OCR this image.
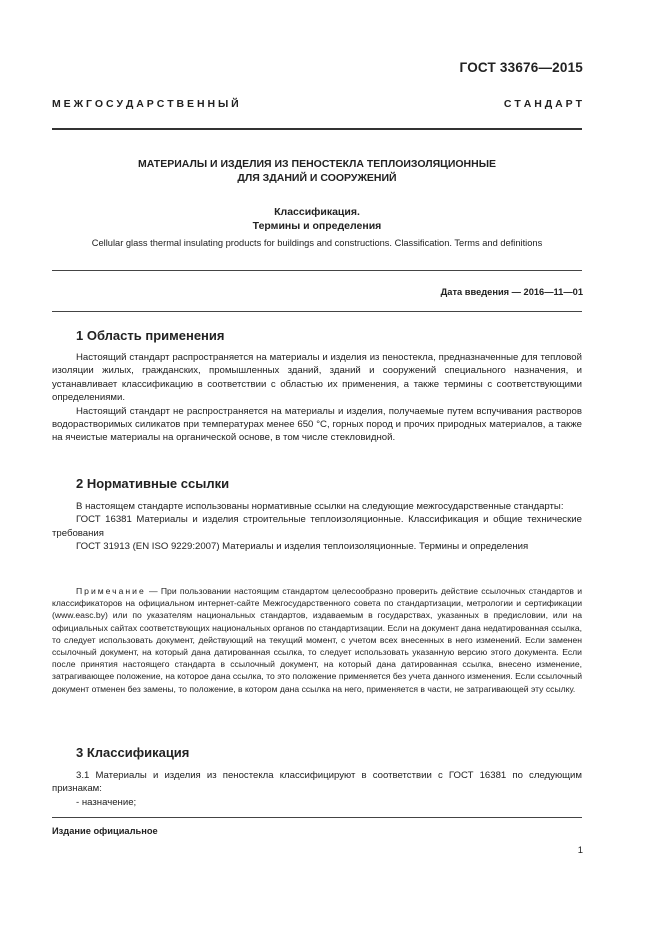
ГОСТ 33676—2015
М Е Ж Г О С У Д А Р С Т В Е Н Н Ы Й	С Т А Н Д А Р Т
МАТЕРИАЛЫ И ИЗДЕЛИЯ ИЗ ПЕНОСТЕКЛА ТЕПЛОИЗОЛЯЦИОННЫЕ
ДЛЯ ЗДАНИЙ И СООРУЖЕНИЙ
Классификация.
Термины и определения
Cellular glass thermal insulating products for buildings and constructions. Classification. Terms and definitions
Дата введения — 2016—11—01
1 Область применения

Настоящий стандарт распространяется на материалы и изделия из пеностекла, предназначенные для тепловой изоляции жилых, гражданских, промышленных зданий, зданий и сооружений специального назначения, и устанавливает классификацию в соответствии с областью их применения, а также термины с соответствующими определениями.

Настоящий стандарт не распространяется на материалы и изделия, получаемые путем вспучивания растворов водорастворимых силикатов при температурах менее 650 °С, горных пород и прочих природных материалов, а также на ячеистые материалы на органической основе, в том числе стекловидной.

2 Нормативные ссылки

В настоящем стандарте использованы нормативные ссылки на следующие межгосударственные стандарты:

ГОСТ 16381 Материалы и изделия строительные теплоизоляционные. Классификация и общие технические требования

ГОСТ 31913 (EN ISO 9229:2007) Материалы и изделия теплоизоляционные. Термины и определения

Примечание — При пользовании настоящим стандартом целесообразно проверить действие ссылочных стандартов и классификаторов на официальном интернет-сайте Межгосударственного совета по стандартизации, метрологии и сертификации (www.easc.by) или по указателям национальных стандартов, издаваемым в государствах, указанных в предисловии, или на официальных сайтах соответствующих национальных органов по стандартизации. Если на документ дана недатированная ссылка, то следует использовать документ, действующий на текущий момент, с учетом всех внесенных в него изменений. Если заменен ссылочный документ, на который дана датированная ссылка, то следует использовать указанную версию этого документа. Если после принятия настоящего стандарта в ссылочный документ, на который дана датированная ссылка, внесено изменение, затрагивающее положение, на которое дана ссылка, то это положение применяется без учета данного изменения. Если ссылочный документ отменен без замены, то положение, в котором дана ссылка на него, применяется в части, не затрагивающей эту ссылку.

3 Классификация

3.1 Материалы и изделия из пеностекла классифицируют в соответствии с ГОСТ 16381 по следующим признакам:

- назначение;

Издание официальное
1
